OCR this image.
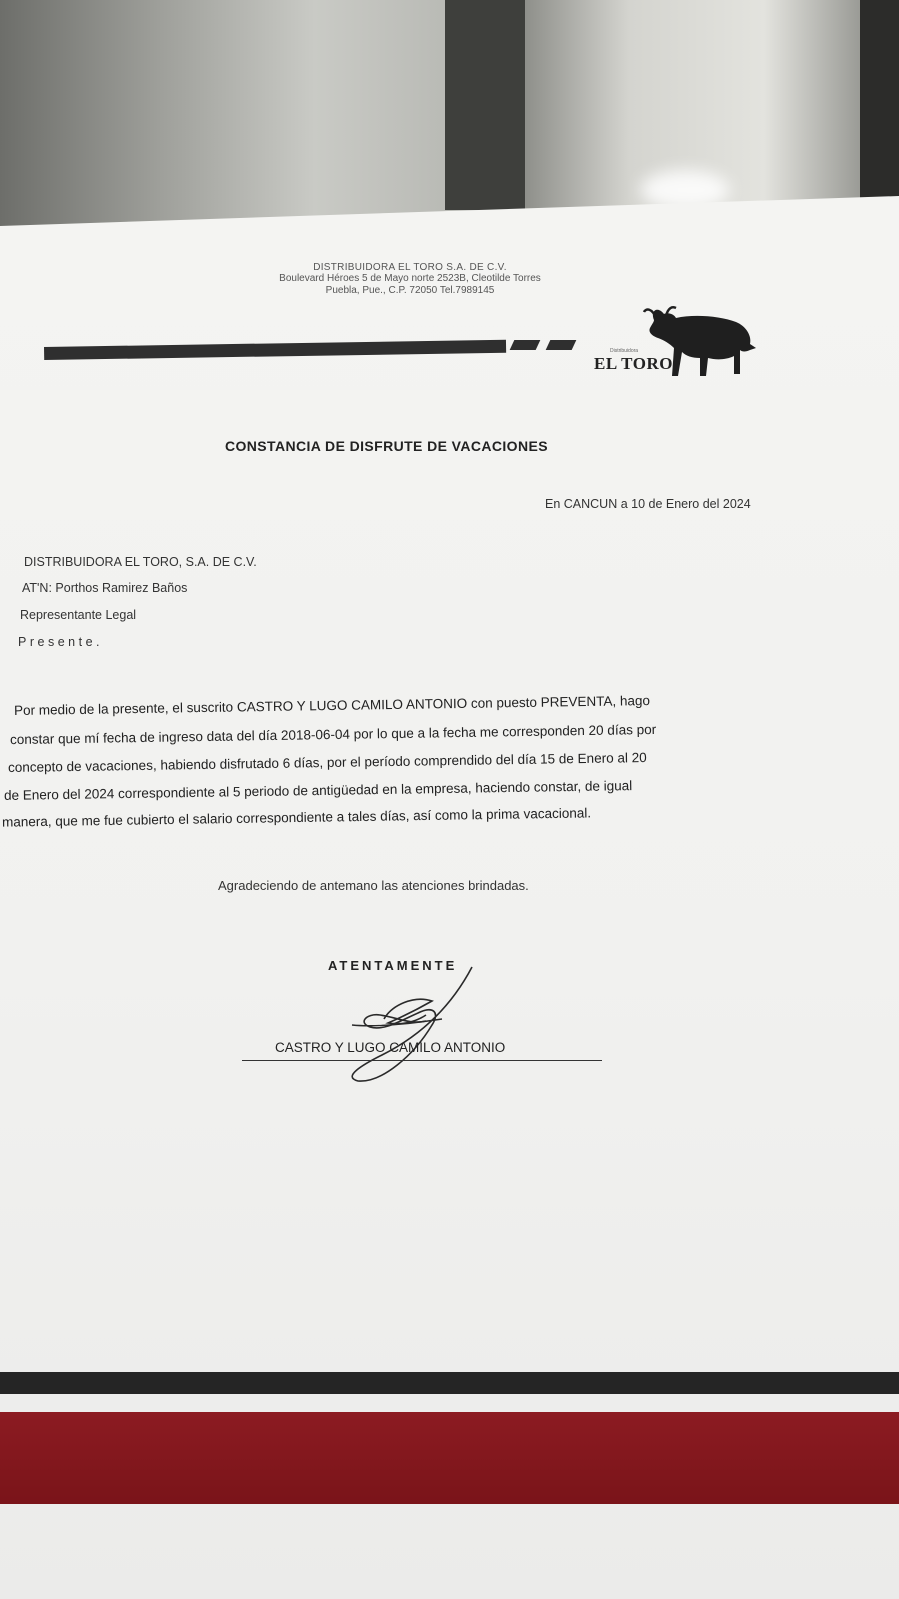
DISTRIBUIDORA EL TORO S.A. DE C.V.
Boulevard Héroes 5 de Mayo norte 2523B, Cleotilde Torres
Puebla, Pue., C.P. 72050 Tel.7989145
Distribuidora
EL TORO
CONSTANCIA DE DISFRUTE DE VACACIONES
En CANCUN a 10 de Enero del 2024
DISTRIBUIDORA EL TORO, S.A. DE C.V.
AT'N: Porthos Ramirez Baños
Representante Legal
Presente.
Por medio de la presente, el suscrito CASTRO Y LUGO CAMILO ANTONIO con puesto PREVENTA, hago
constar que mí fecha de ingreso data del día 2018-06-04 por lo que a la fecha me corresponden 20 días por
concepto de vacaciones, habiendo disfrutado 6 días, por el período comprendido del día 15 de Enero al 20
de Enero del 2024 correspondiente al 5 periodo de antigüedad en la empresa, haciendo constar, de igual
manera, que me fue cubierto el salario correspondiente a tales días, así como la prima vacacional.
Agradeciendo de antemano las atenciones brindadas.
ATENTAMENTE
CASTRO Y LUGO CAMILO ANTONIO
